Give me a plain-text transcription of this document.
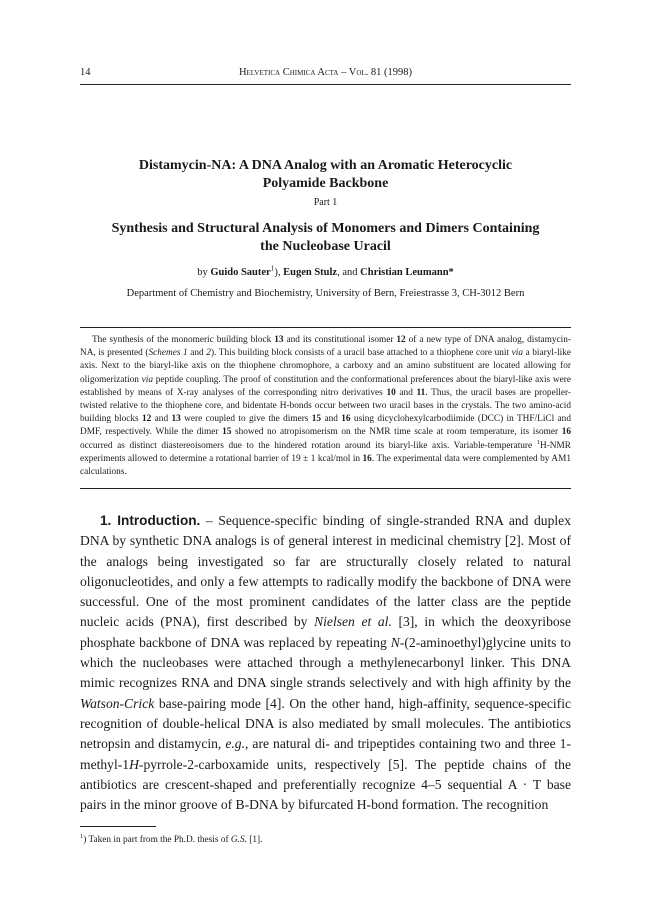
14	Helvetica Chimica Acta – Vol. 81 (1998)
Distamycin-NA: A DNA Analog with an Aromatic Heterocyclic
Polyamide Backbone
Part 1
Synthesis and Structural Analysis of Monomers and Dimers Containing
the Nucleobase Uracil
by Guido Sauter$^1$), Eugen Stulz, and Christian Leumann*
Department of Chemistry and Biochemistry, University of Bern, Freiestrasse 3, CH-3012 Bern

The synthesis of the monomeric building block 13 and its constitutional isomer 12 of a new type of DNA analog, distamycin-NA, is presented (Schemes 1 and 2). This building block consists of a uracil base attached to a thiophene core unit via a biaryl-like axis. Next to the biaryl-like axis on the thiophene chromophore, a carboxy and an amino substituent are located allowing for oligomerization via peptide coupling. The proof of constitution and the conformational preferences about the biaryl-like axis were established by means of X-ray analyses of the corresponding nitro derivatives 10 and 11. Thus, the uracil bases are propeller-twisted relative to the thiophene core, and bidentate H-bonds occur between two uracil bases in the crystals. The two amino-acid building blocks 12 and 13 were coupled to give the dimers 15 and 16 using dicyclohexylcarbodiimide (DCC) in THF/LiCl and DMF, respectively. While the dimer 15 showed no atropisomerism on the NMR time scale at room temperature, its isomer 16 occurred as distinct diastereoisomers due to the hindered rotation around its biaryl-like axis. Variable-temperature $^1$H-NMR experiments allowed to determine a rotational barrier of 19 ± 1 kcal/mol in 16. The experimental data were complemented by AM1 calculations.

1. Introduction. – Sequence-specific binding of single-stranded RNA and duplex DNA by synthetic DNA analogs is of general interest in medicinal chemistry [2]. Most of the analogs being investigated so far are structurally closely related to natural oligonucleotides, and only a few attempts to radically modify the backbone of DNA were successful. One of the most prominent candidates of the latter class are the peptide nucleic acids (PNA), first described by Nielsen et al. [3], in which the deoxyribose phosphate backbone of DNA was replaced by repeating N-(2-aminoethyl)glycine units to which the nucleobases were attached through a methylenecarbonyl linker. This DNA mimic recognizes RNA and DNA single strands selectively and with high affinity by the Watson-Crick base-pairing mode [4]. On the other hand, high-affinity, sequence-specific recognition of double-helical DNA is also mediated by small molecules. The antibiotics netropsin and distamycin, e.g., are natural di- and tripeptides containing two and three 1-methyl-1H-pyrrole-2-carboxamide units, respectively [5]. The peptide chains of the antibiotics are crescent-shaped and preferentially recognize 4–5 sequential A · T base pairs in the minor groove of B-DNA by bifurcated H-bond formation. The recognition

$^1$) Taken in part from the Ph.D. thesis of G.S. [1].
